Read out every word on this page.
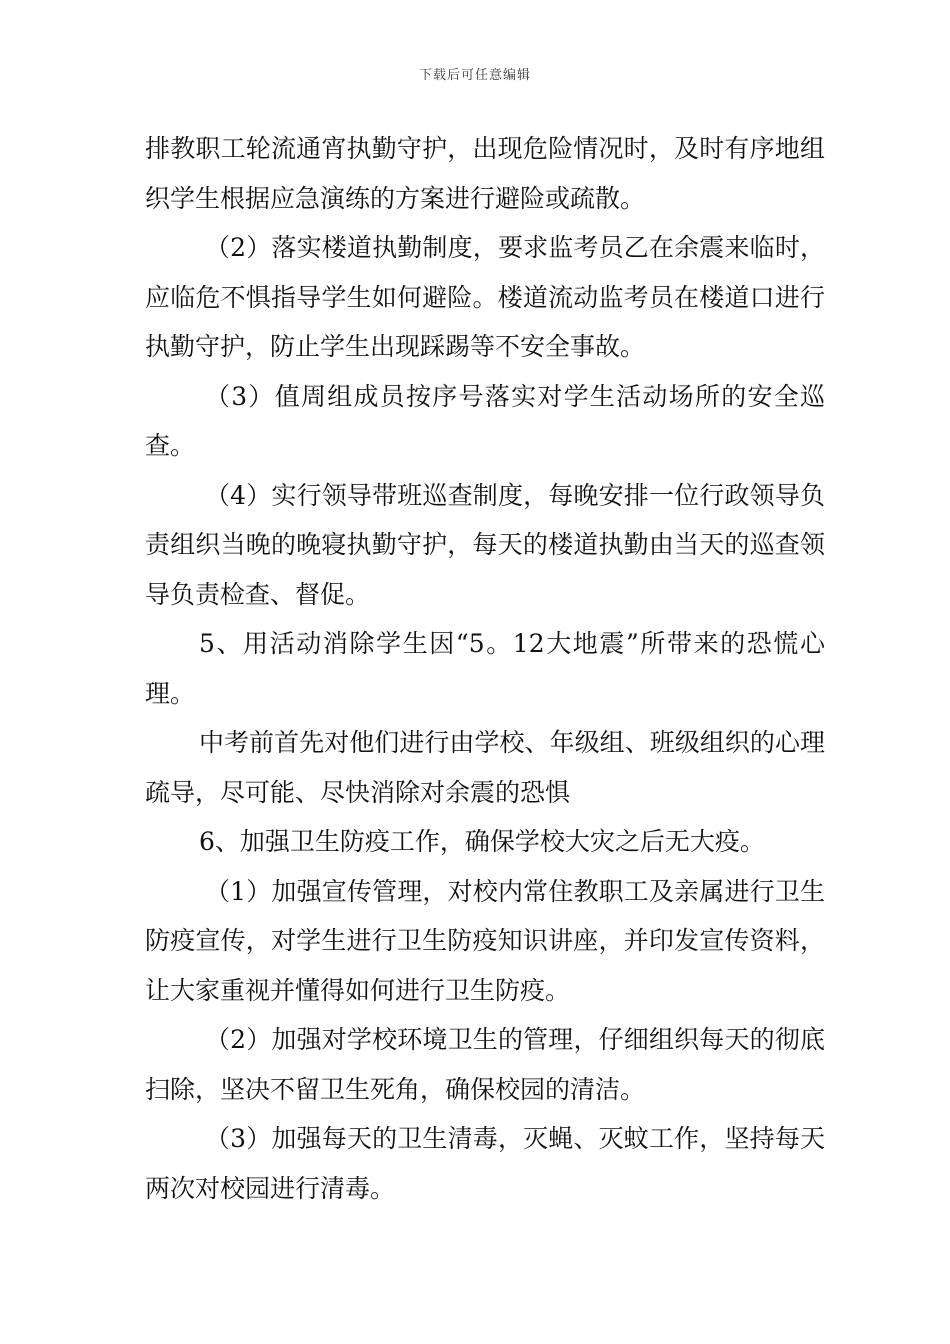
下载后可任意编辑

排教职工轮流通宵执勤守护，出现危险情况时，及时有序地组织学生根据应急演练的方案进行避险或疏散。

（2）落实楼道执勤制度，要求监考员乙在余震来临时，应临危不惧指导学生如何避险。楼道流动监考员在楼道口进行执勤守护，防止学生出现踩踢等不安全事故。

（3）值周组成员按序号落实对学生活动场所的安全巡查。

（4）实行领导带班巡查制度，每晚安排一位行政领导负责组织当晚的晚寝执勤守护，每天的楼道执勤由当天的巡查领导负责检查、督促。

5、用活动消除学生因“5。12大地震”所带来的恐慌心理。

中考前首先对他们进行由学校、年级组、班级组织的心理疏导，尽可能、尽快消除对余震的恐惧

6、加强卫生防疫工作，确保学校大灾之后无大疫。

（1）加强宣传管理，对校内常住教职工及亲属进行卫生防疫宣传，对学生进行卫生防疫知识讲座，并印发宣传资料，让大家重视并懂得如何进行卫生防疫。

（2）加强对学校环境卫生的管理，仔细组织每天的彻底扫除，坚决不留卫生死角，确保校园的清洁。

（3）加强每天的卫生清毒，灭蝇、灭蚊工作，坚持每天两次对校园进行清毒。
